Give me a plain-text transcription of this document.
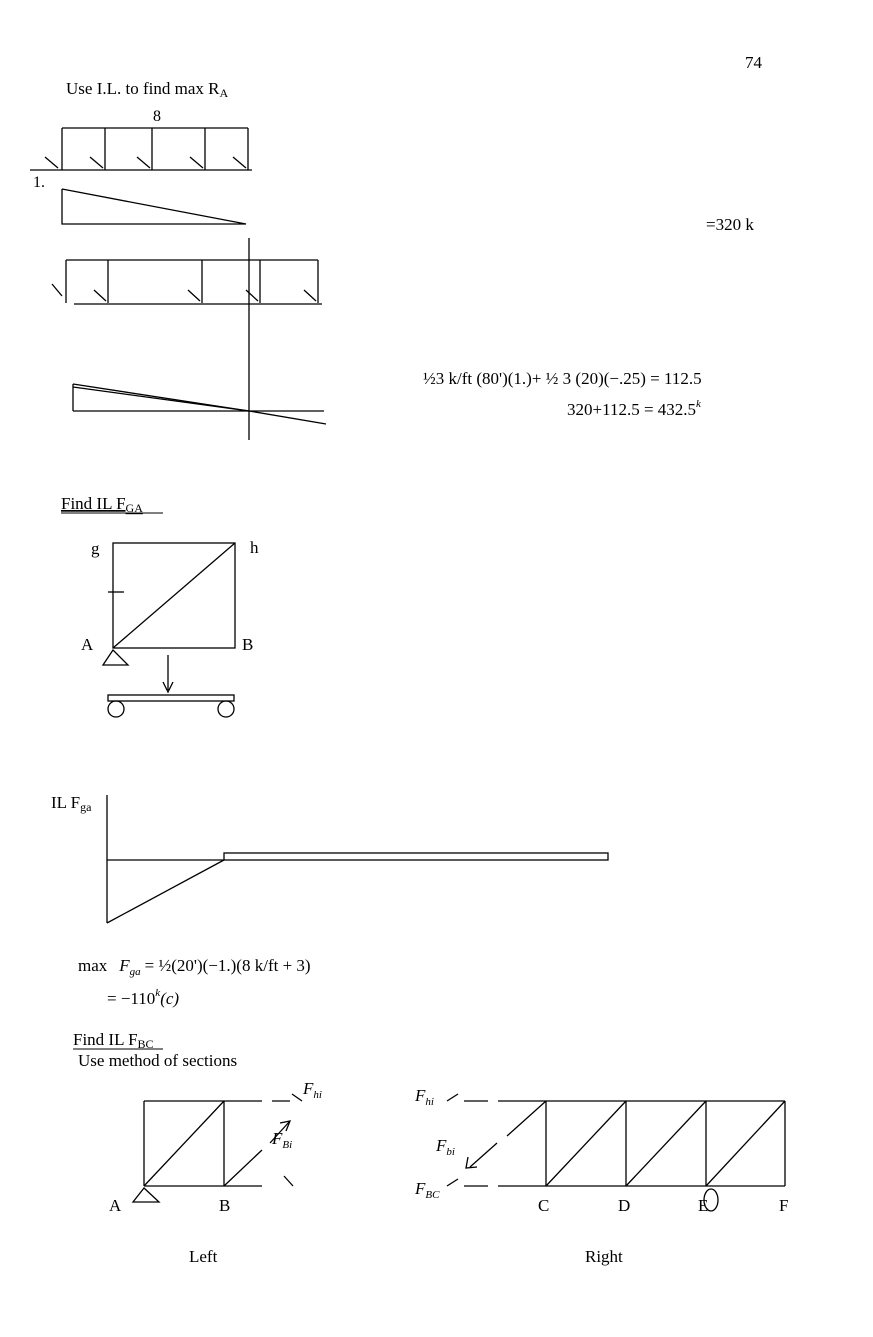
74
Use I.L. to find max RA
8
1.
=320 k
½3 k/ft (80')(1.)+ ½ 3 (20)(−.25) = 112.5
$320+112.5 = 432.5^k$
Find IL FGA
g	h
A	B
IL Fga
$\max F_{ga}$ = ½(20')(−1.)(8 k/ft + 3)
= $-110^k(c)$
Find IL FBC
Use method of sections
$F_{hi}$
$F_{Bi}$
A	B
Left
$F_{hi}$
$F_{bi}$
$F_{BC}$
C	D	E	F
Right
